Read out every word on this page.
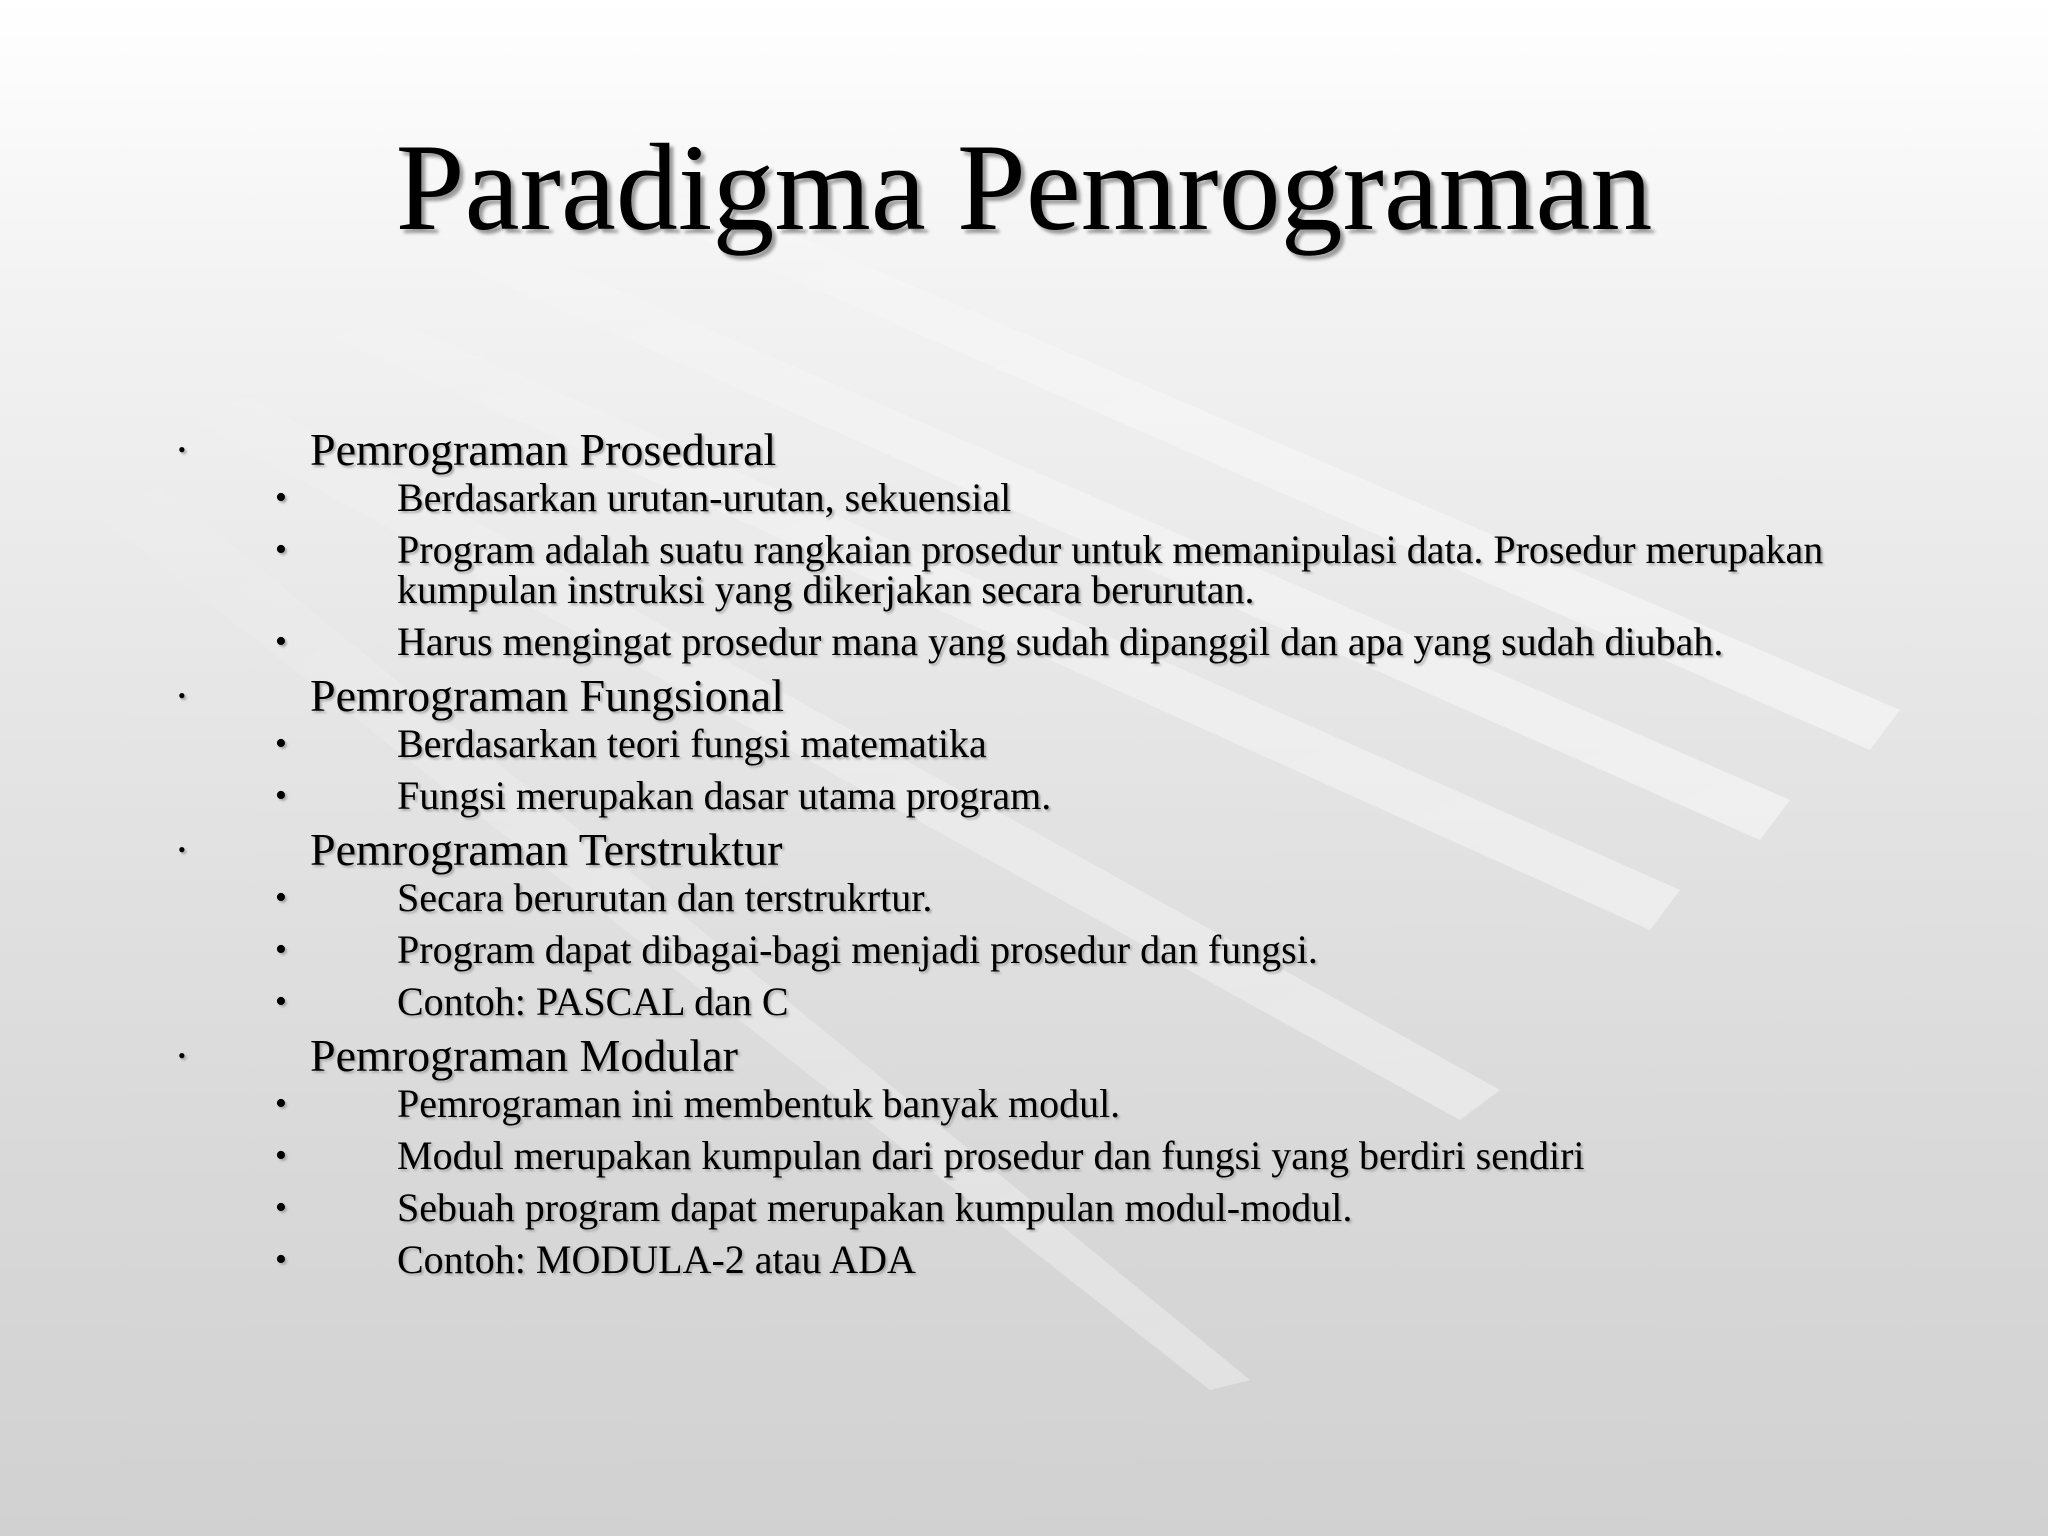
Paradigma Pemrograman
•	Pemrograman Prosedural
•	Berdasarkan urutan-urutan, sekuensial
•	Program adalah suatu rangkaian prosedur untuk memanipulasi data. Prosedur merupakan kumpulan instruksi yang dikerjakan secara berurutan.
•	Harus mengingat prosedur mana yang sudah dipanggil dan apa yang sudah diubah.
•	Pemrograman Fungsional
•	Berdasarkan teori fungsi matematika
•	Fungsi merupakan dasar utama program.
•	Pemrograman Terstruktur
•	Secara berurutan dan terstrukrtur.
•	Program dapat dibagai-bagi menjadi prosedur dan fungsi.
•	Contoh: PASCAL dan C
•	Pemrograman Modular
•	Pemrograman ini membentuk banyak modul.
•	Modul merupakan kumpulan dari prosedur dan fungsi yang berdiri sendiri
•	Sebuah program dapat merupakan kumpulan modul-modul.
•	Contoh: MODULA-2 atau ADA
